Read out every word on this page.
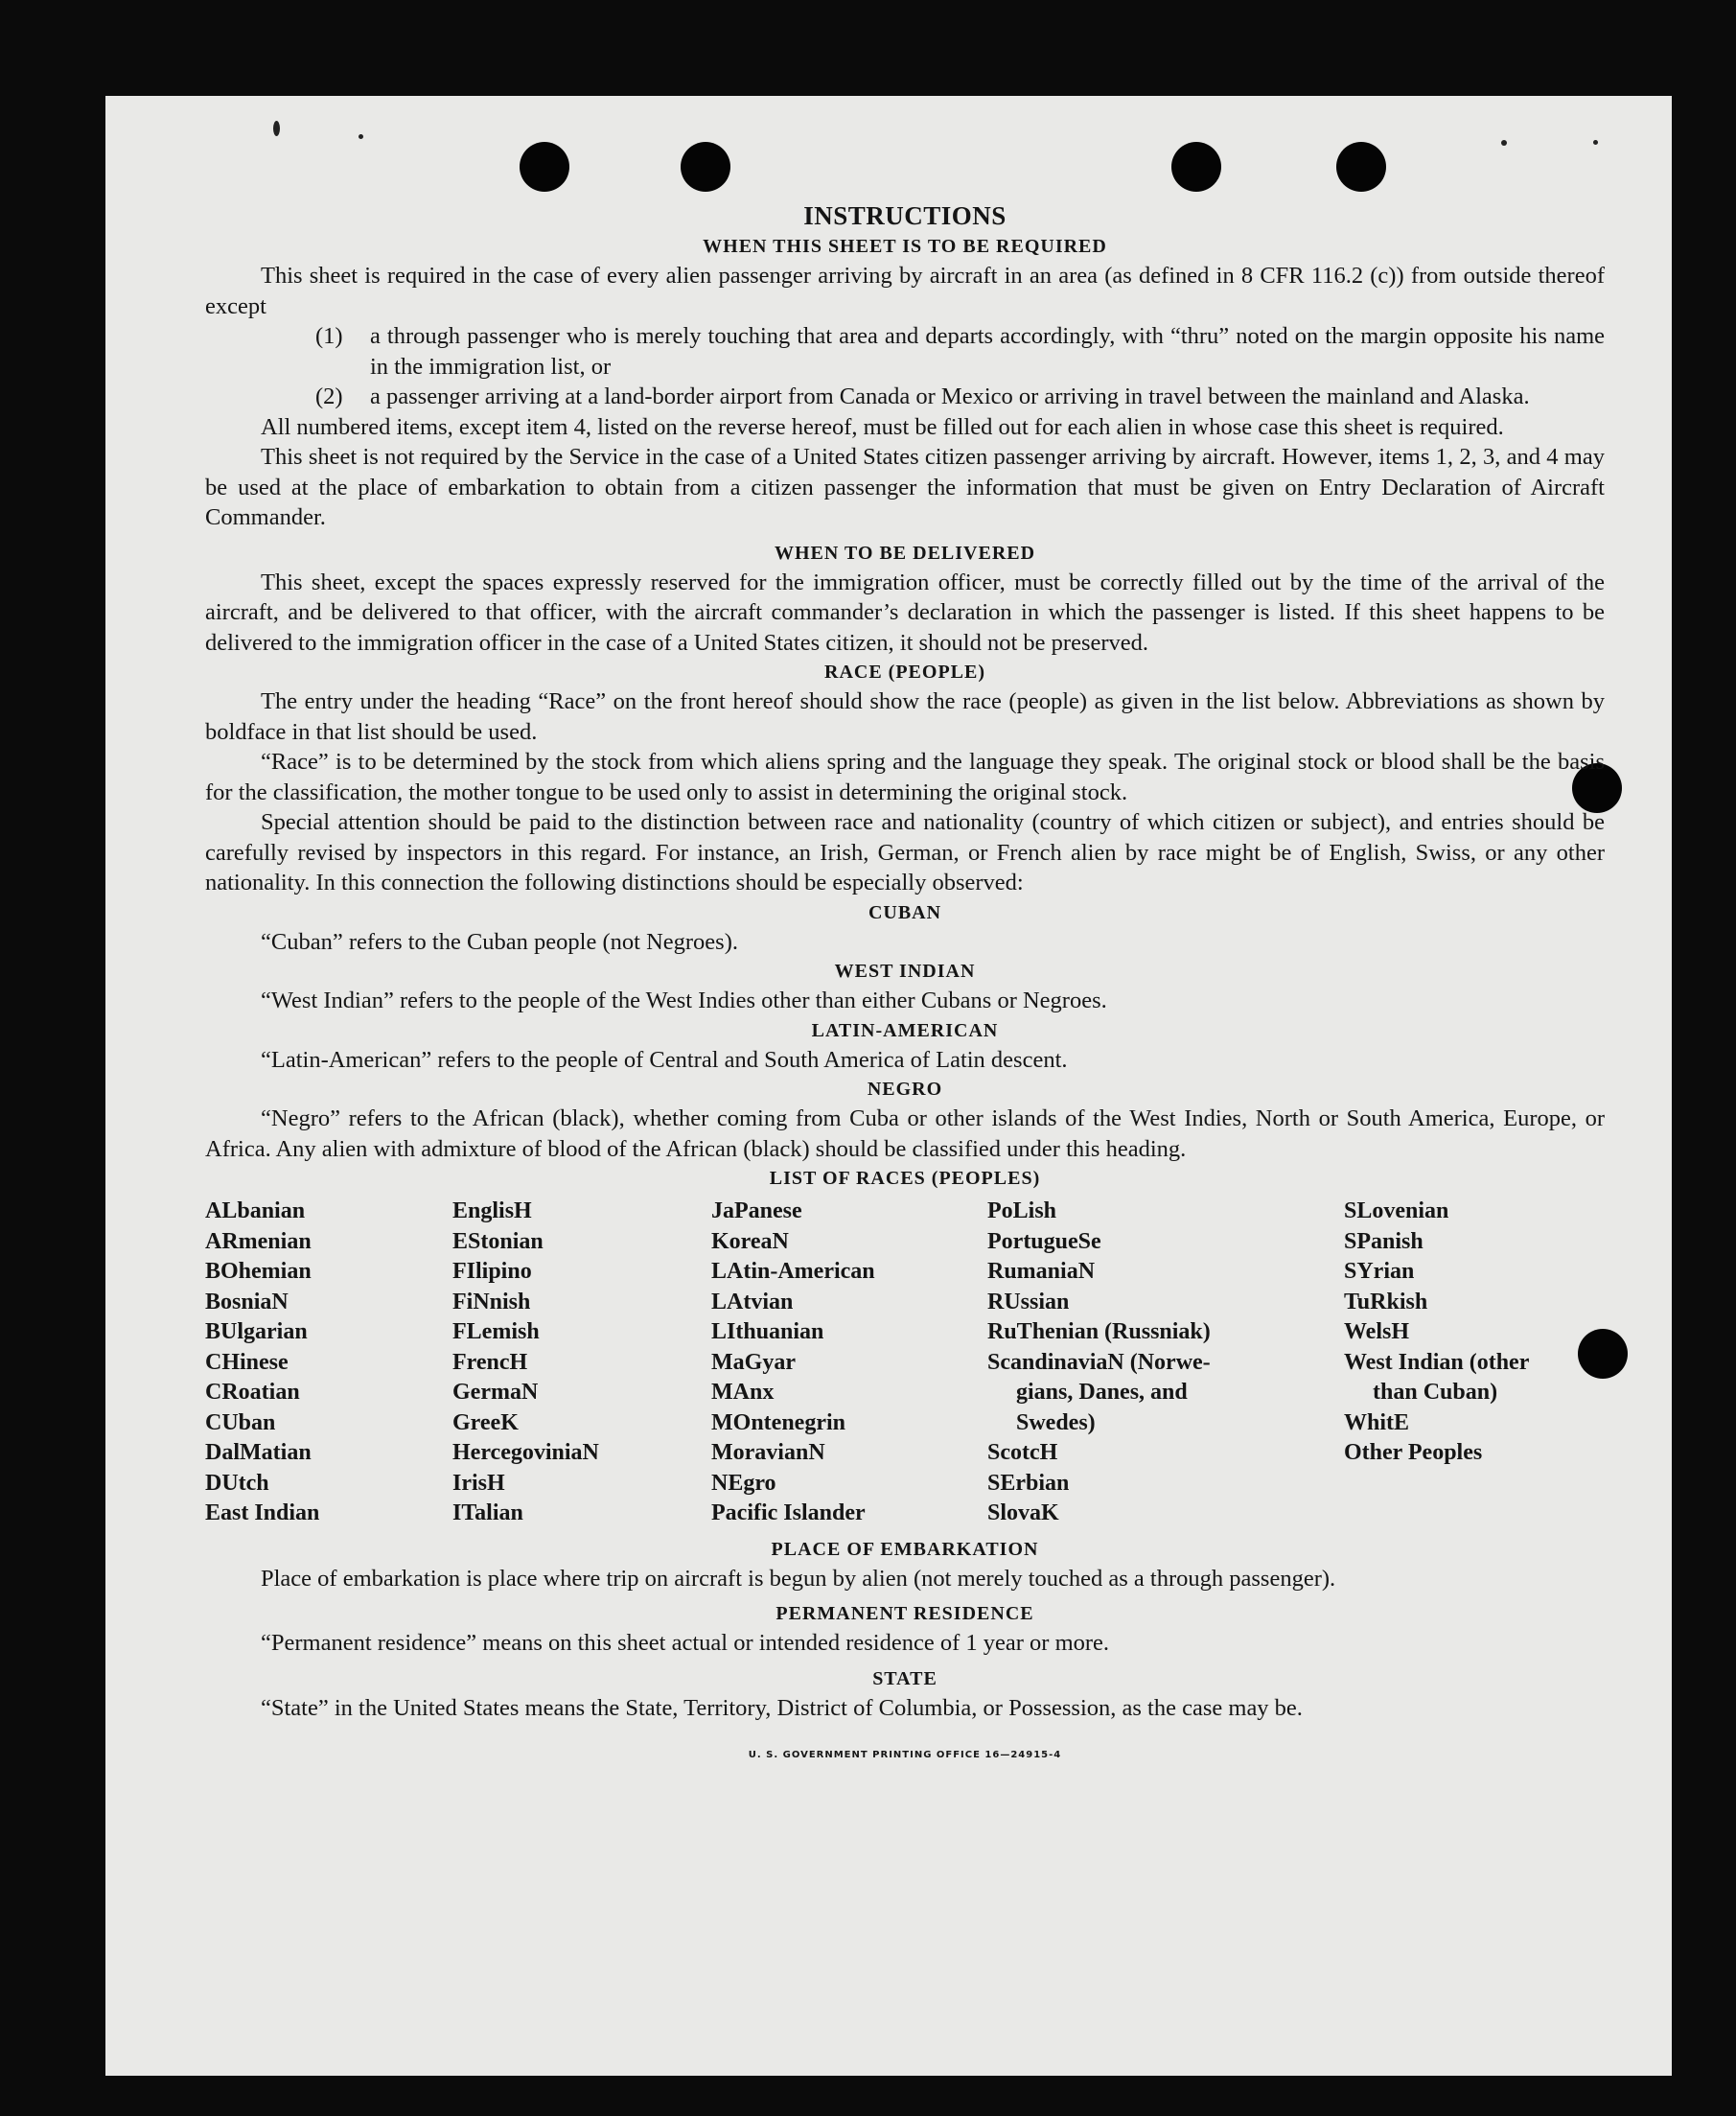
INSTRUCTIONS
WHEN THIS SHEET IS TO BE REQUIRED

This sheet is required in the case of every alien passenger arriving by aircraft in an area (as defined in 8 CFR 116.2 (c)) from outside thereof except

(1)	a through passenger who is merely touching that area and departs accordingly, with “thru” noted on the margin opposite his name in the immigration list, or
(2)	a passenger arriving at a land-border airport from Canada or Mexico or arriving in travel between the mainland and Alaska.

All numbered items, except item 4, listed on the reverse hereof, must be filled out for each alien in whose case this sheet is required.

This sheet is not required by the Service in the case of a United States citizen passenger arriving by aircraft. However, items 1, 2, 3, and 4 may be used at the place of embarkation to obtain from a citizen passenger the information that must be given on Entry Declaration of Aircraft Commander.

WHEN TO BE DELIVERED

This sheet, except the spaces expressly reserved for the immigration officer, must be correctly filled out by the time of the arrival of the aircraft, and be delivered to that officer, with the aircraft commander’s declaration in which the passenger is listed. If this sheet happens to be delivered to the immigration officer in the case of a United States citizen, it should not be preserved.

RACE (PEOPLE)

The entry under the heading “Race” on the front hereof should show the race (people) as given in the list below. Abbreviations as shown by boldface in that list should be used.

“Race” is to be determined by the stock from which aliens spring and the language they speak. The original stock or blood shall be the basis for the classification, the mother tongue to be used only to assist in determining the original stock.

Special attention should be paid to the distinction between race and nationality (country of which citizen or subject), and entries should be carefully revised by inspectors in this regard. For instance, an Irish, German, or French alien by race might be of English, Swiss, or any other nationality. In this connection the following distinctions should be especially observed:

CUBAN

“Cuban” refers to the Cuban people (not Negroes).

WEST INDIAN

“West Indian” refers to the people of the West Indies other than either Cubans or Negroes.

LATIN-AMERICAN

“Latin-American” refers to the people of Central and South America of Latin descent.

NEGRO

“Negro” refers to the African (black), whether coming from Cuba or other islands of the West Indies, North or South America, Europe, or Africa. Any alien with admixture of blood of the African (black) should be classified under this heading.

LIST OF RACES (PEOPLES)
ALbanian
ARmenian
BOhemian
BosniaN
BUlgarian
CHinese
CRoatian
CUban
DalMatian
DUtch
East Indian
EnglisH
EStonian
FIlipino
FiNnish
FLemish
FrencH
GermaN
GreeK
HercegoviniaN
IrisH
ITalian
JaPanese
KoreaN
LAtin-American
LAtvian
LIthuanian
MaGyar
MAnx
MOntenegrin
MoravianN
NEgro
Pacific Islander
PoLish
PortugueSe
RumaniaN
RUssian
RuThenian (Russniak)
ScandinaviaN (Norwe-
gians, Danes, and
Swedes)
ScotcH
SErbian
SlovaK
SLovenian
SPanish
SYrian
TuRkish
WelsH
West Indian (other
than Cuban)
WhitE
Other Peoples
PLACE OF EMBARKATION

Place of embarkation is place where trip on aircraft is begun by alien (not merely touched as a through passenger).

PERMANENT RESIDENCE

“Permanent residence” means on this sheet actual or intended residence of 1 year or more.

STATE

“State” in the United States means the State, Territory, District of Columbia, or Possession, as the case may be.

U. S. GOVERNMENT PRINTING OFFICE 16—24915-4
